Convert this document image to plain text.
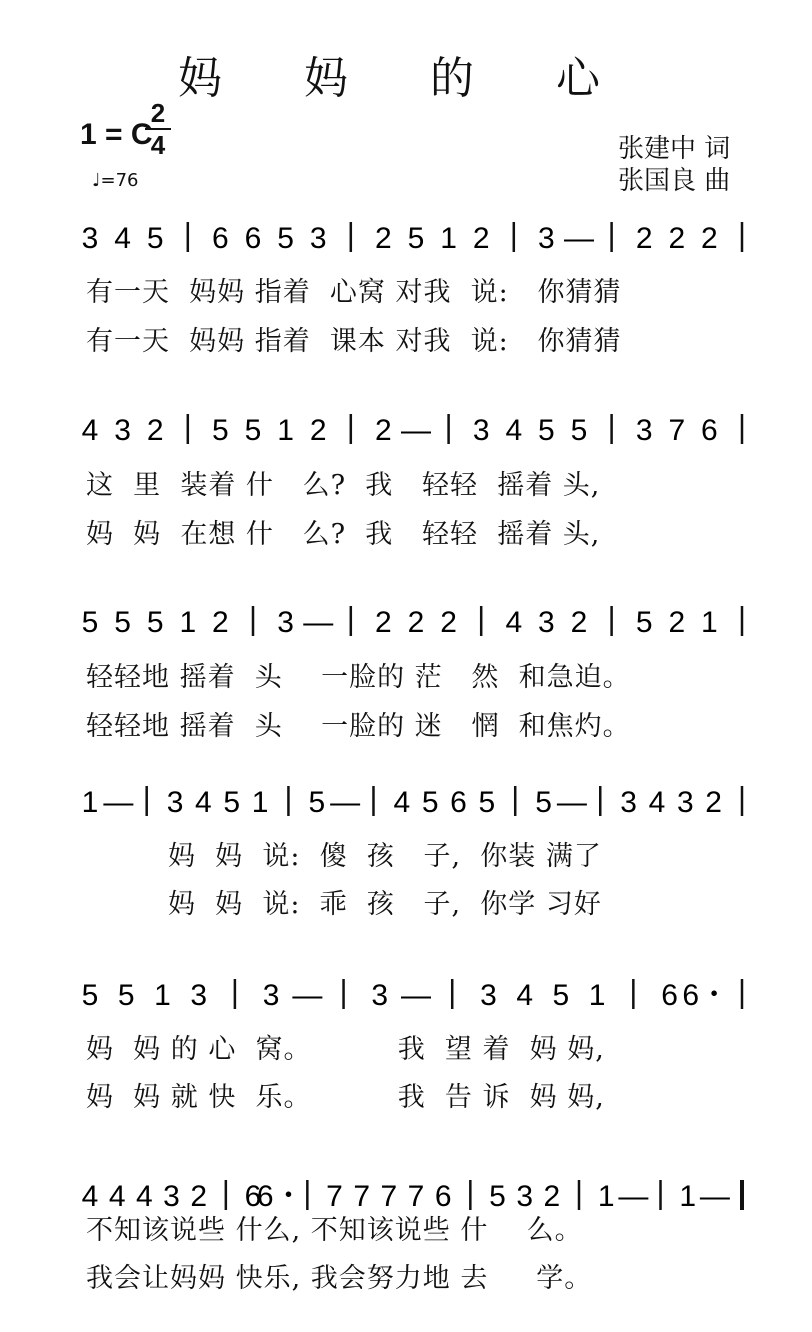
妈 妈 的 心
1 = C
2
4
♩=76
张建中 词
张国良 曲
3 4 5 6 6 5 3 2 5 1 2 3 — 2 2 2
4 3 2 5 5 1 2 2 — 3 4 5 5 3 7 6
5 5 5 1 2 3 — 2 2 2 4 3 2 5 2 1
1 — 3 4 5 1 5 — 4 5 6 5 5 — 3 4 3 2
5 5 1 3 3 — 3 — 3 4 5 1 6 6・
4 4 4 3 2 6
6・ 7 7 7 7 6 5 3 2 1 — 1 —
有一天  妈妈 指着  心窝 对我  说:   你猜猜
有一天  妈妈 指着  课本 对我  说:   你猜猜
这  里  装着 什   么?  我   轻轻  摇着 头,
妈  妈  在想 什   么?  我   轻轻  摇着 头,
轻轻地 摇着  头    一脸的 茫   然  和急迫。
轻轻地 摇着  头    一脸的 迷   惘  和焦灼。
妈  妈  说:  傻  孩   子,  你装 满了
妈  妈  说:  乖  孩   子,  你学 习好
妈  妈 的 心  窝。         我  望 着  妈 妈,
妈  妈 就 快  乐。         我  告 诉  妈 妈,
不知该说些 什么, 不知该说些 什    么。
我会让妈妈 快乐, 我会努力地 去     学。
